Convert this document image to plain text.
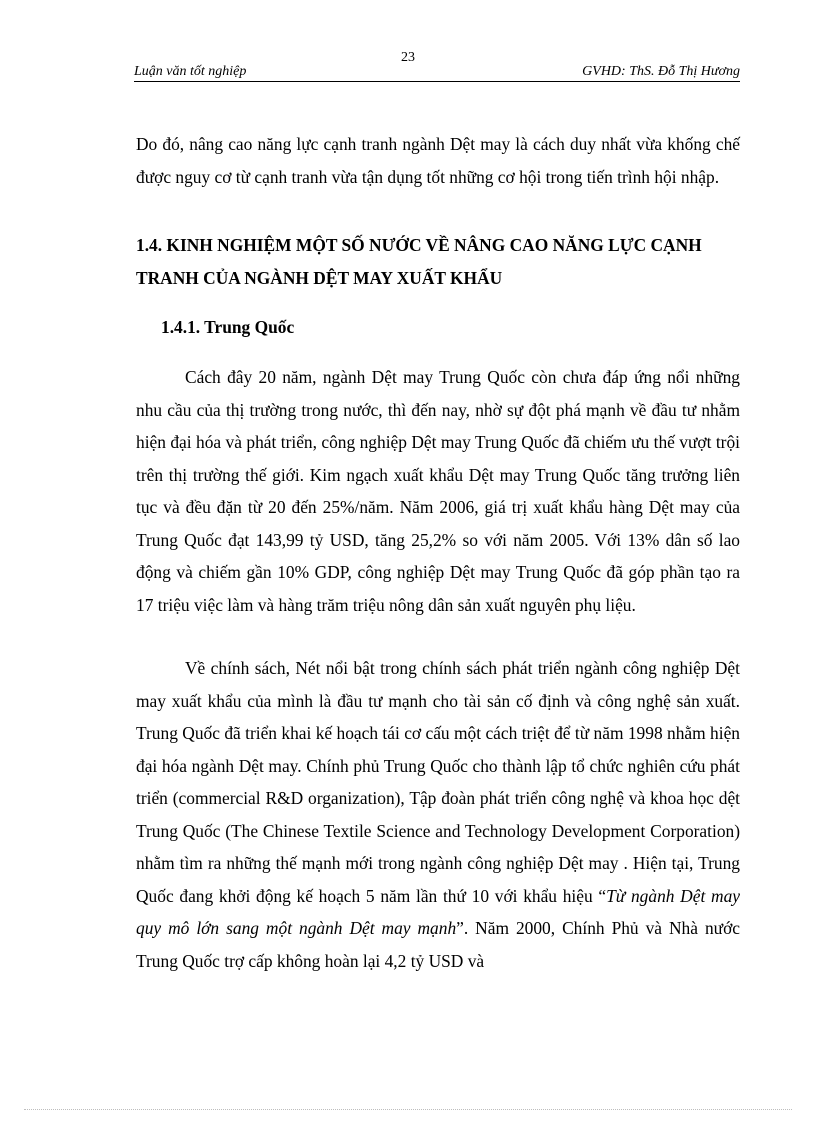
23
Luận văn tốt nghiệp	GVHD: ThS. Đỗ Thị Hương

Do đó, nâng cao năng lực cạnh tranh ngành Dệt may là cách duy nhất vừa khống chế được nguy cơ từ cạnh tranh vừa tận dụng tốt những cơ hội trong tiến trình hội nhập.

1.4. KINH NGHIỆM MỘT SỐ NƯỚC VỀ NÂNG CAO NĂNG LỰC CẠNH TRANH CỦA NGÀNH DỆT MAY XUẤT KHẨU

1.4.1. Trung Quốc

Cách đây 20 năm, ngành Dệt may Trung Quốc còn chưa đáp ứng nổi những nhu cầu của thị trường trong nước, thì đến nay, nhờ sự đột phá mạnh về đầu tư nhằm hiện đại hóa và phát triển, công nghiệp Dệt may Trung Quốc đã chiếm ưu thế vượt trội trên thị trường thế giới. Kim ngạch xuất khẩu Dệt may Trung Quốc tăng trưởng liên tục và đều đặn từ 20 đến 25%/năm. Năm 2006, giá trị xuất khẩu hàng Dệt may của Trung Quốc đạt 143,99 tỷ USD, tăng 25,2% so với năm 2005. Với 13% dân số lao động và chiếm gần 10% GDP, công nghiệp Dệt may Trung Quốc đã góp phần tạo ra 17 triệu việc làm và hàng trăm triệu nông dân sản xuất nguyên phụ liệu.

Về chính sách, Nét nổi bật trong chính sách phát triển ngành công nghiệp Dệt may xuất khẩu của mình là đầu tư mạnh cho tài sản cố định và công nghệ sản xuất. Trung Quốc đã triển khai kế hoạch tái cơ cấu một cách triệt để từ năm 1998 nhằm hiện đại hóa ngành Dệt may. Chính phủ Trung Quốc cho thành lập tổ chức nghiên cứu phát triển (commercial R&D organization), Tập đoàn phát triển công nghệ và khoa học dệt Trung Quốc (The Chinese Textile Science and Technology Development Corporation) nhằm tìm ra những thế mạnh mới trong ngành công nghiệp Dệt may . Hiện tại, Trung Quốc đang khởi động kế hoạch 5 năm lần thứ 10 với khẩu hiệu “Từ ngành Dệt may quy mô lớn sang một ngành Dệt may mạnh”. Năm 2000, Chính Phủ và Nhà nước Trung Quốc trợ cấp không hoàn lại 4,2 tỷ USD và
